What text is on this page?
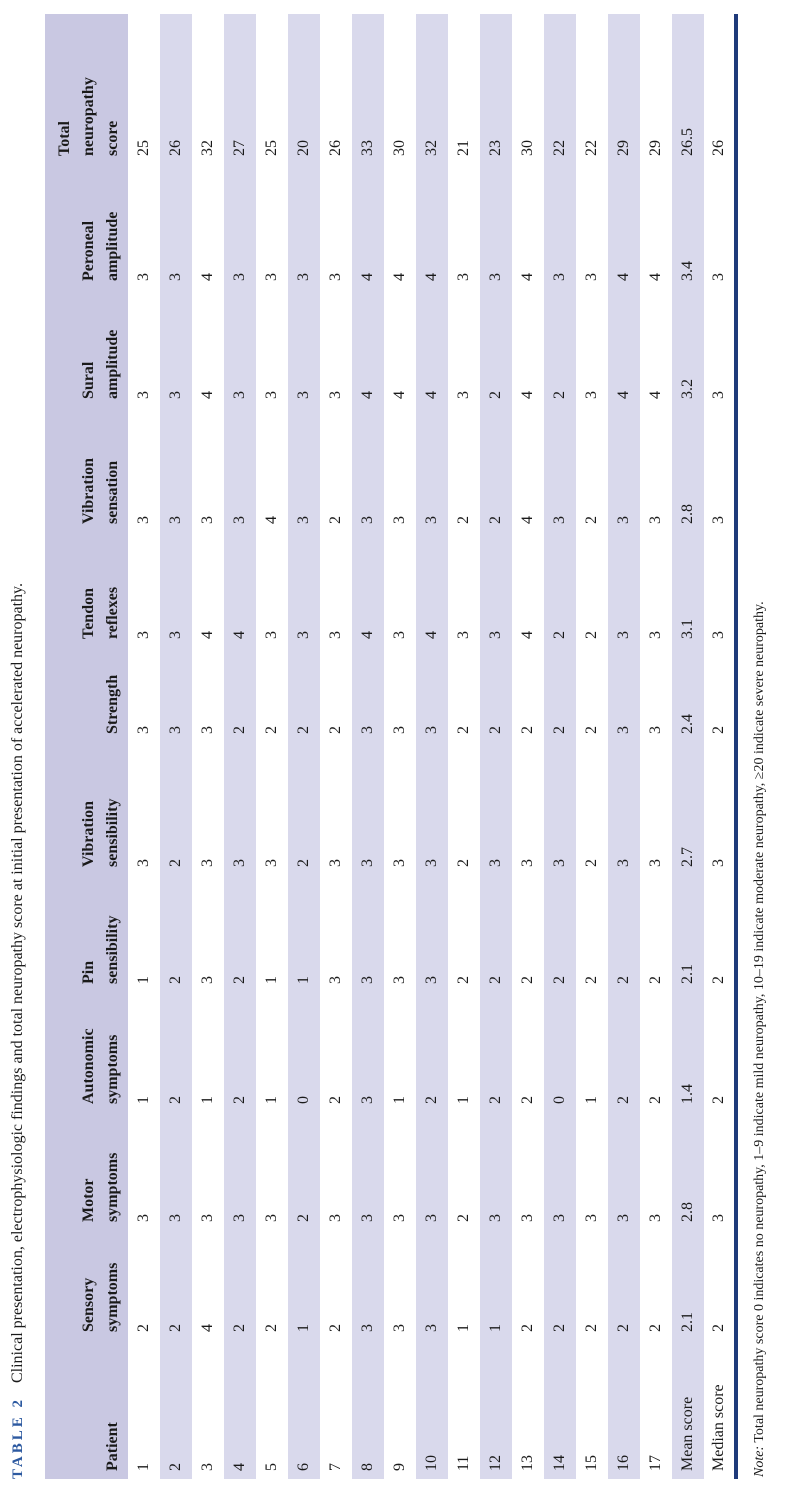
TABLE 2Clinical presentation, electrophysiologic findings and total neuropathy score at initial presentation of accelerated neuropathy.
Patient	Sensory symptoms	Motor symptoms	Autonomic symptoms	Pin sensibility	Vibration sensibility	Strength	Tendon reflexes	Vibration sensation	Sural amplitude	Peroneal amplitude	Total neuropathy score
1	2	3	1	1	3	3	3	3	3	3	25
2	2	3	2	2	2	3	3	3	3	3	26
3	4	3	1	3	3	3	4	3	4	4	32
4	2	3	2	2	3	2	4	3	3	3	27
5	2	3	1	1	3	2	3	4	3	3	25
6	1	2	0	1	2	2	3	3	3	3	20
7	2	3	2	3	3	2	3	2	3	3	26
8	3	3	3	3	3	3	4	3	4	4	33
9	3	3	1	3	3	3	3	3	4	4	30
10	3	3	2	3	3	3	4	3	4	4	32
11	1	2	1	2	2	2	3	2	3	3	21
12	1	3	2	2	3	2	3	2	2	3	23
13	2	3	2	2	3	2	4	4	4	4	30
14	2	3	0	2	3	2	2	3	2	3	22
15	2	3	1	2	2	2	2	2	3	3	22
16	2	3	2	2	3	3	3	3	4	4	29
17	2	3	2	2	3	3	3	3	4	4	29
Mean score	2.1	2.8	1.4	2.1	2.7	2.4	3.1	2.8	3.2	3.4	26.5
Median score	2	3	2	2	3	2	3	3	3	3	26
Note: Total neuropathy score 0 indicates no neuropathy, 1–9 indicate mild neuropathy, 10–19 indicate moderate neuropathy, ≥20 indicate severe neuropathy.
